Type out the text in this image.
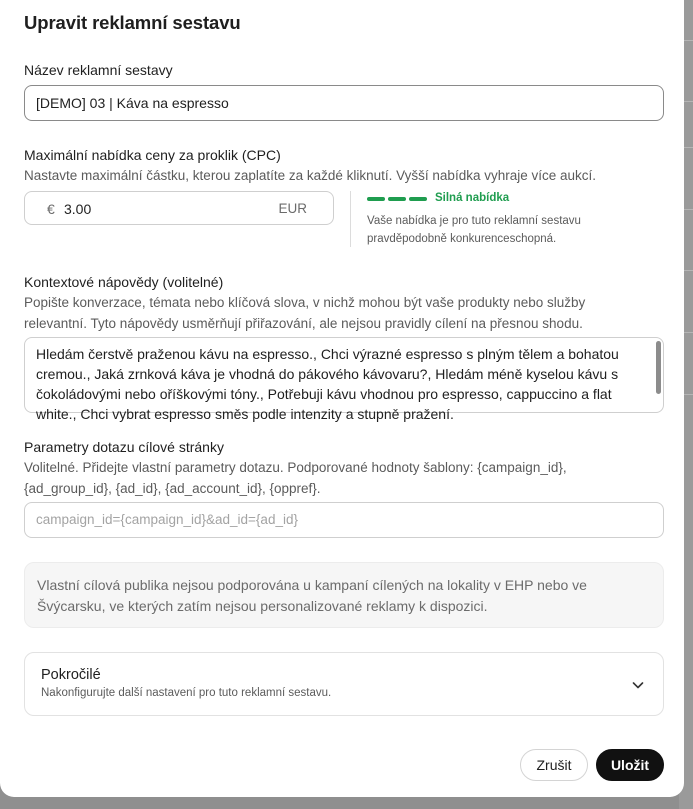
Upravit reklamní sestavu
Název reklamní sestavy
[DEMO] 03 | Káva na espresso
Maximální nabídka ceny za proklik (CPC)
Nastavte maximální částku, kterou zaplatíte za každé kliknutí. Vyšší nabídka vyhraje více aukcí.
€ 3.00	EUR
Silná nabídka
Vaše nabídka je pro tuto reklamní sestavu pravděpodobně konkurenceschopná.
Kontextové nápovědy (volitelné)
Popište konverzace, témata nebo klíčová slova, v nichž mohou být vaše produkty nebo služby relevantní. Tyto nápovědy usměrňují přiřazování, ale nejsou pravidly cílení na přesnou shodu.
Hledám čerstvě praženou kávu na espresso., Chci výrazné espresso s plným tělem a bohatou cremou., Jaká zrnková káva je vhodná do pákového kávovaru?, Hledám méně kyselou kávu s čokoládovými nebo oříškovými tóny., Potřebuji kávu vhodnou pro espresso, cappuccino a flat white., Chci vybrat espresso směs podle intenzity a stupně pražení.
Parametry dotazu cílové stránky
Volitelné. Přidejte vlastní parametry dotazu. Podporované hodnoty šablony: {campaign_id}, {ad_group_id}, {ad_id}, {ad_account_id}, {oppref}.
campaign_id={campaign_id}&ad_id={ad_id}
Vlastní cílová publika nejsou podporována u kampaní cílených na lokality v EHP nebo ve Švýcarsku, ve kterých zatím nejsou personalizované reklamy k dispozici.
Pokročilé
Nakonfigurujte další nastavení pro tuto reklamní sestavu.
Zrušit	Uložit
